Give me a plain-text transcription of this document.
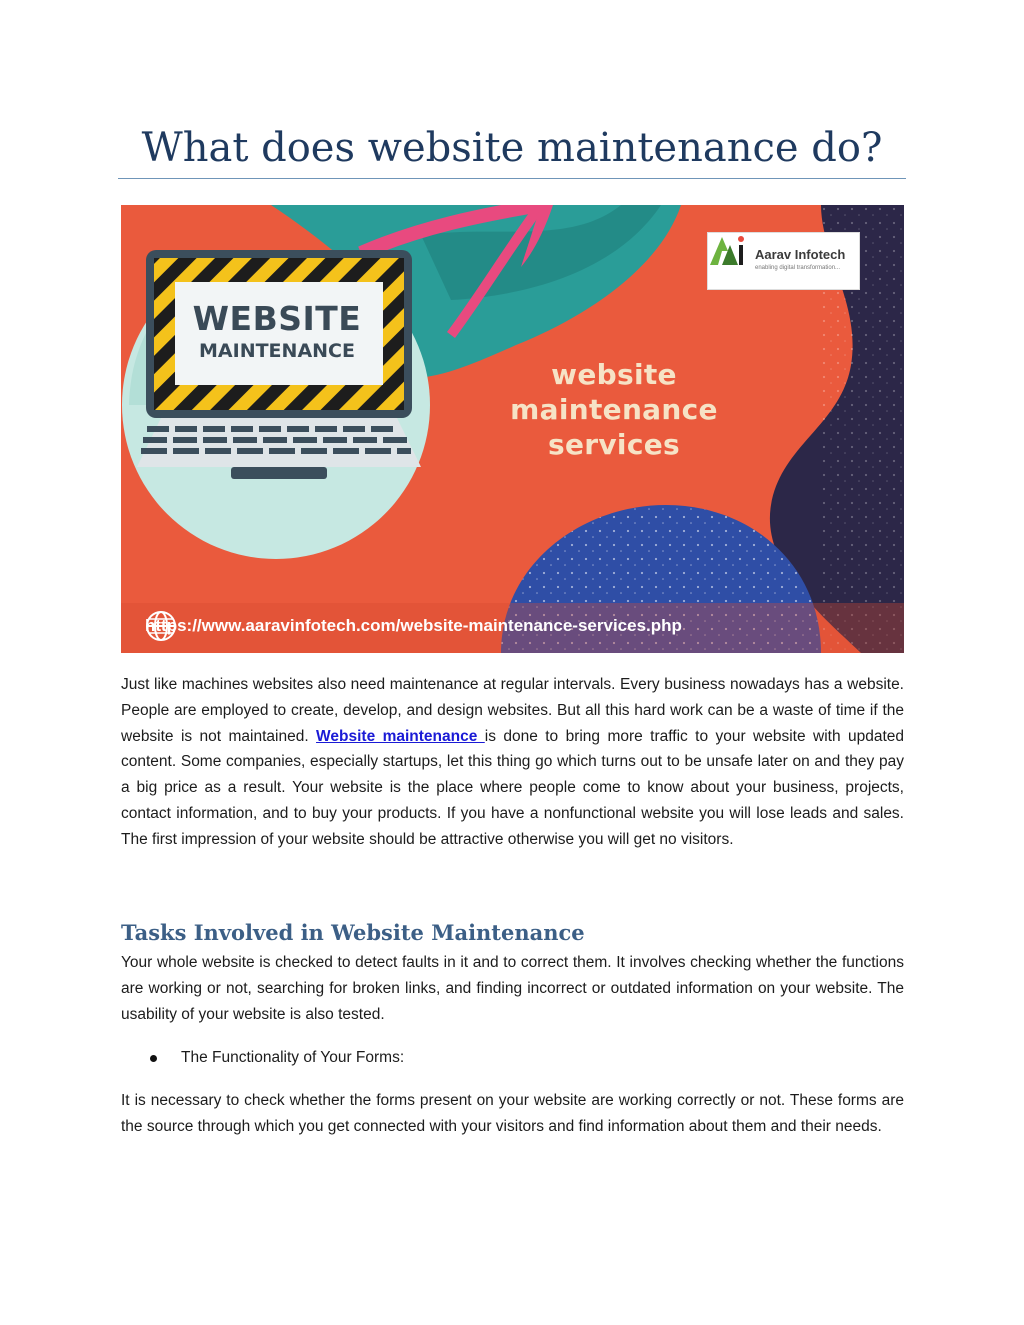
What does website maintenance do?
WEBSITE
MAINTENANCE
website
maintenance
services
Aarav Infotech
enabling digital transformation...
https://www.aaravinfotech.com/website-maintenance-services.php

Just like machines websites also need maintenance at regular intervals. Every business nowadays has a website. People are employed to create, develop, and design websites. But all this hard work can be a waste of time if the website is not maintained. Website maintenance is done to bring more traffic to your website with updated content. Some companies, especially startups, let this thing go which turns out to be unsafe later on and they pay a big price as a result. Your website is the place where people come to know about your business, projects, contact information, and to buy your products. If you have a nonfunctional website you will lose leads and sales. The first impression of your website should be attractive otherwise you will get no visitors.

Tasks Involved in Website Maintenance

Your whole website is checked to detect faults in it and to correct them. It involves checking whether the functions are working or not, searching for broken links, and finding incorrect or outdated information on your website. The usability of your website is also tested.

The Functionality of Your Forms:

It is necessary to check whether the forms present on your website are working correctly or not. These forms are the source through which you get connected with your visitors and find information about them and their needs.
